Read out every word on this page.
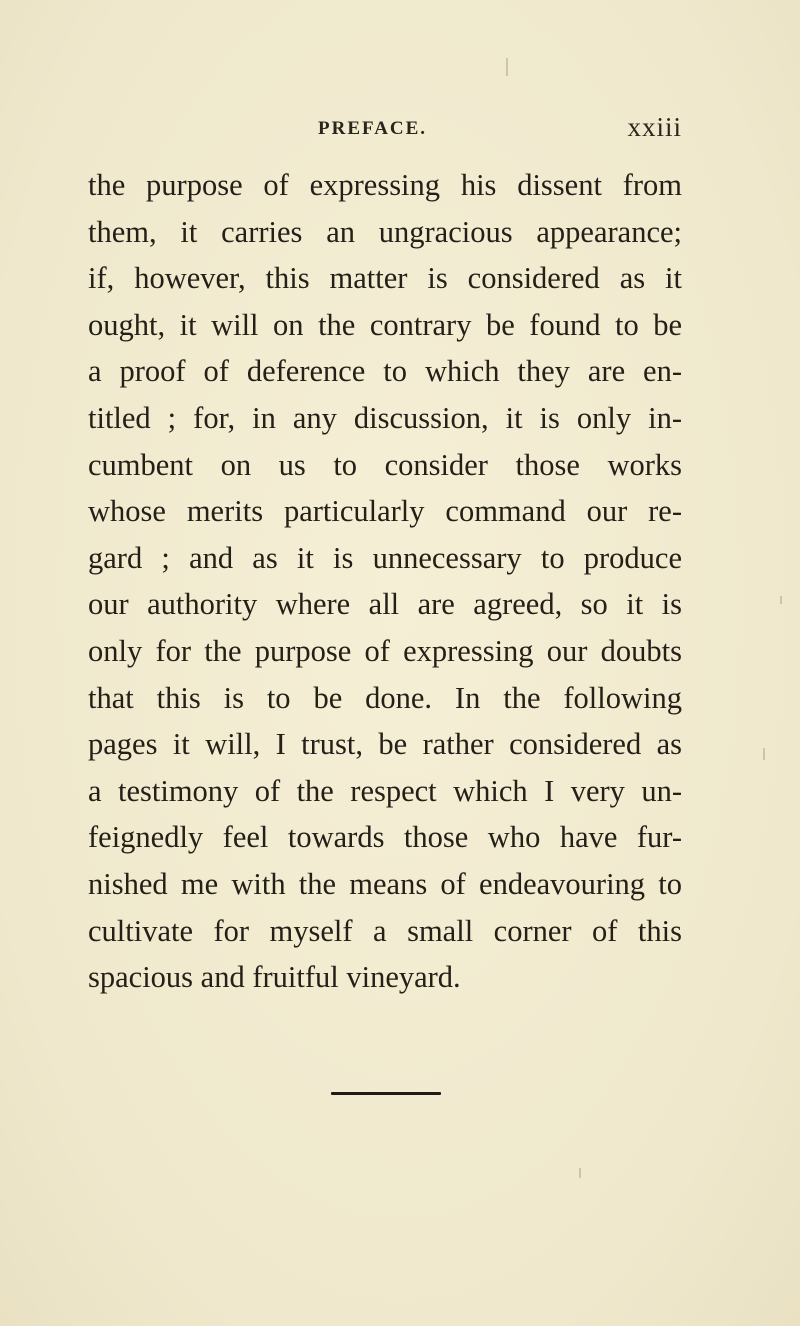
PREFACE.	xxiii
the purpose of expressing his dissent from
them, it carries an ungracious appearance;
if, however, this matter is considered as it
ought, it will on the contrary be found to be
a proof of deference to which they are en-
titled ; for, in any discussion, it is only in-
cumbent on us to consider those works
whose merits particularly command our re-
gard ; and as it is unnecessary to produce
our authority where all are agreed, so it is
only for the purpose of expressing our doubts
that this is to be done. In the following
pages it will, I trust, be rather considered as
a testimony of the respect which I very un-
feignedly feel towards those who have fur-
nished me with the means of endeavouring to
cultivate for myself a small corner of this
spacious and fruitful vineyard.
